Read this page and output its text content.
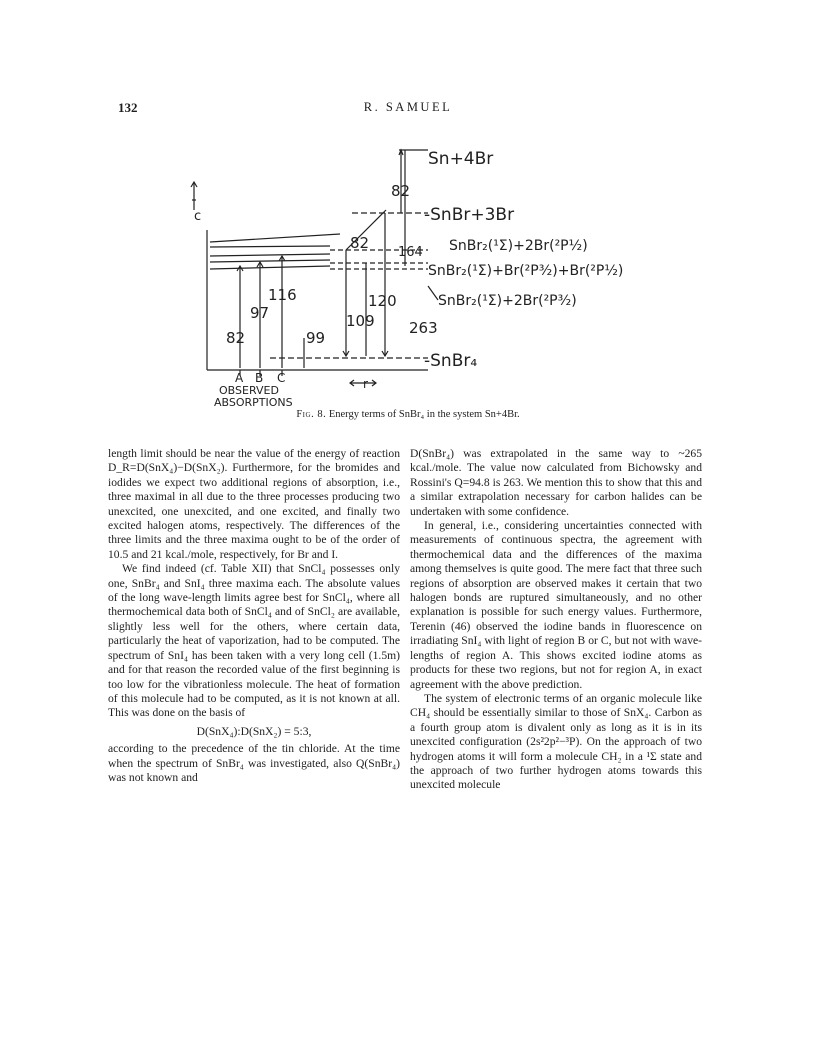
132	R. SAMUEL
c
r
Sn+4Br
-SnBr+3Br
SnBr₂(¹Σ)+2Br(²P½)
SnBr₂(¹Σ)+Br(²P³⁄₂)+Br(²P½)
SnBr₂(¹Σ)+2Br(²P³⁄₂)
-SnBr₄
82
82
164
120
109 263
116
97
82	99
A B C
OBSERVED
ABSORPTIONS
Fig. 8. Energy terms of SnBr₄ in the system Sn+4Br.

length limit should be near the value of the energy of reaction D_R=D(SnX₄)−D(SnX₂). Furthermore, for the bromides and iodides we expect two additional regions of absorption, i.e., three maximal in all due to the three processes producing two unexcited, one unexcited, and one excited, and finally two excited halogen atoms, respectively. The differences of the three limits and the three maxima ought to be of the order of 10.5 and 21 kcal./mole, respectively, for Br and I.

We find indeed (cf. Table XII) that SnCl₄ possesses only one, SnBr₄ and SnI₄ three maxima each. The absolute values of the long wave-length limits agree best for SnCl₄, where all thermochemical data both of SnCl₄ and of SnCl₂ are available, slightly less well for the others, where certain data, particularly the heat of vaporization, had to be computed. The spectrum of SnI₄ has been taken with a very long cell (1.5m) and for that reason the recorded value of the first beginning is too low for the vibrationless molecule. The heat of formation of this molecule had to be computed, as it is not known at all. This was done on the basis of

D(SnX₄):D(SnX₂) = 5:3,

according to the precedence of the tin chloride. At the time when the spectrum of SnBr₄ was investigated, also Q(SnBr₄) was not known and

D(SnBr₄) was extrapolated in the same way to ~265 kcal./mole. The value now calculated from Bichowsky and Rossini's Q=94.8 is 263. We mention this to show that this and a similar extrapolation necessary for carbon halides can be undertaken with some confidence.

In general, i.e., considering uncertainties connected with measurements of continuous spectra, the agreement with thermochemical data and the differences of the maxima among themselves is quite good. The mere fact that three such regions of absorption are observed makes it certain that two halogen bonds are ruptured simultaneously, and no other explanation is possible for such energy values. Furthermore, Terenin (46) observed the iodine bands in fluorescence on irradiating SnI₄ with light of region B or C, but not with wave-lengths of region A. This shows excited iodine atoms as products for these two regions, but not for region A, in exact agreement with the above prediction.

The system of electronic terms of an organic molecule like CH₄ should be essentially similar to those of SnX₄. Carbon as a fourth group atom is divalent only as long as it is in its unexcited configuration (2s²2p²−³P). On the approach of two hydrogen atoms it will form a molecule CH₂ in a ¹Σ state and the approach of two further hydrogen atoms towards this unexcited molecule
